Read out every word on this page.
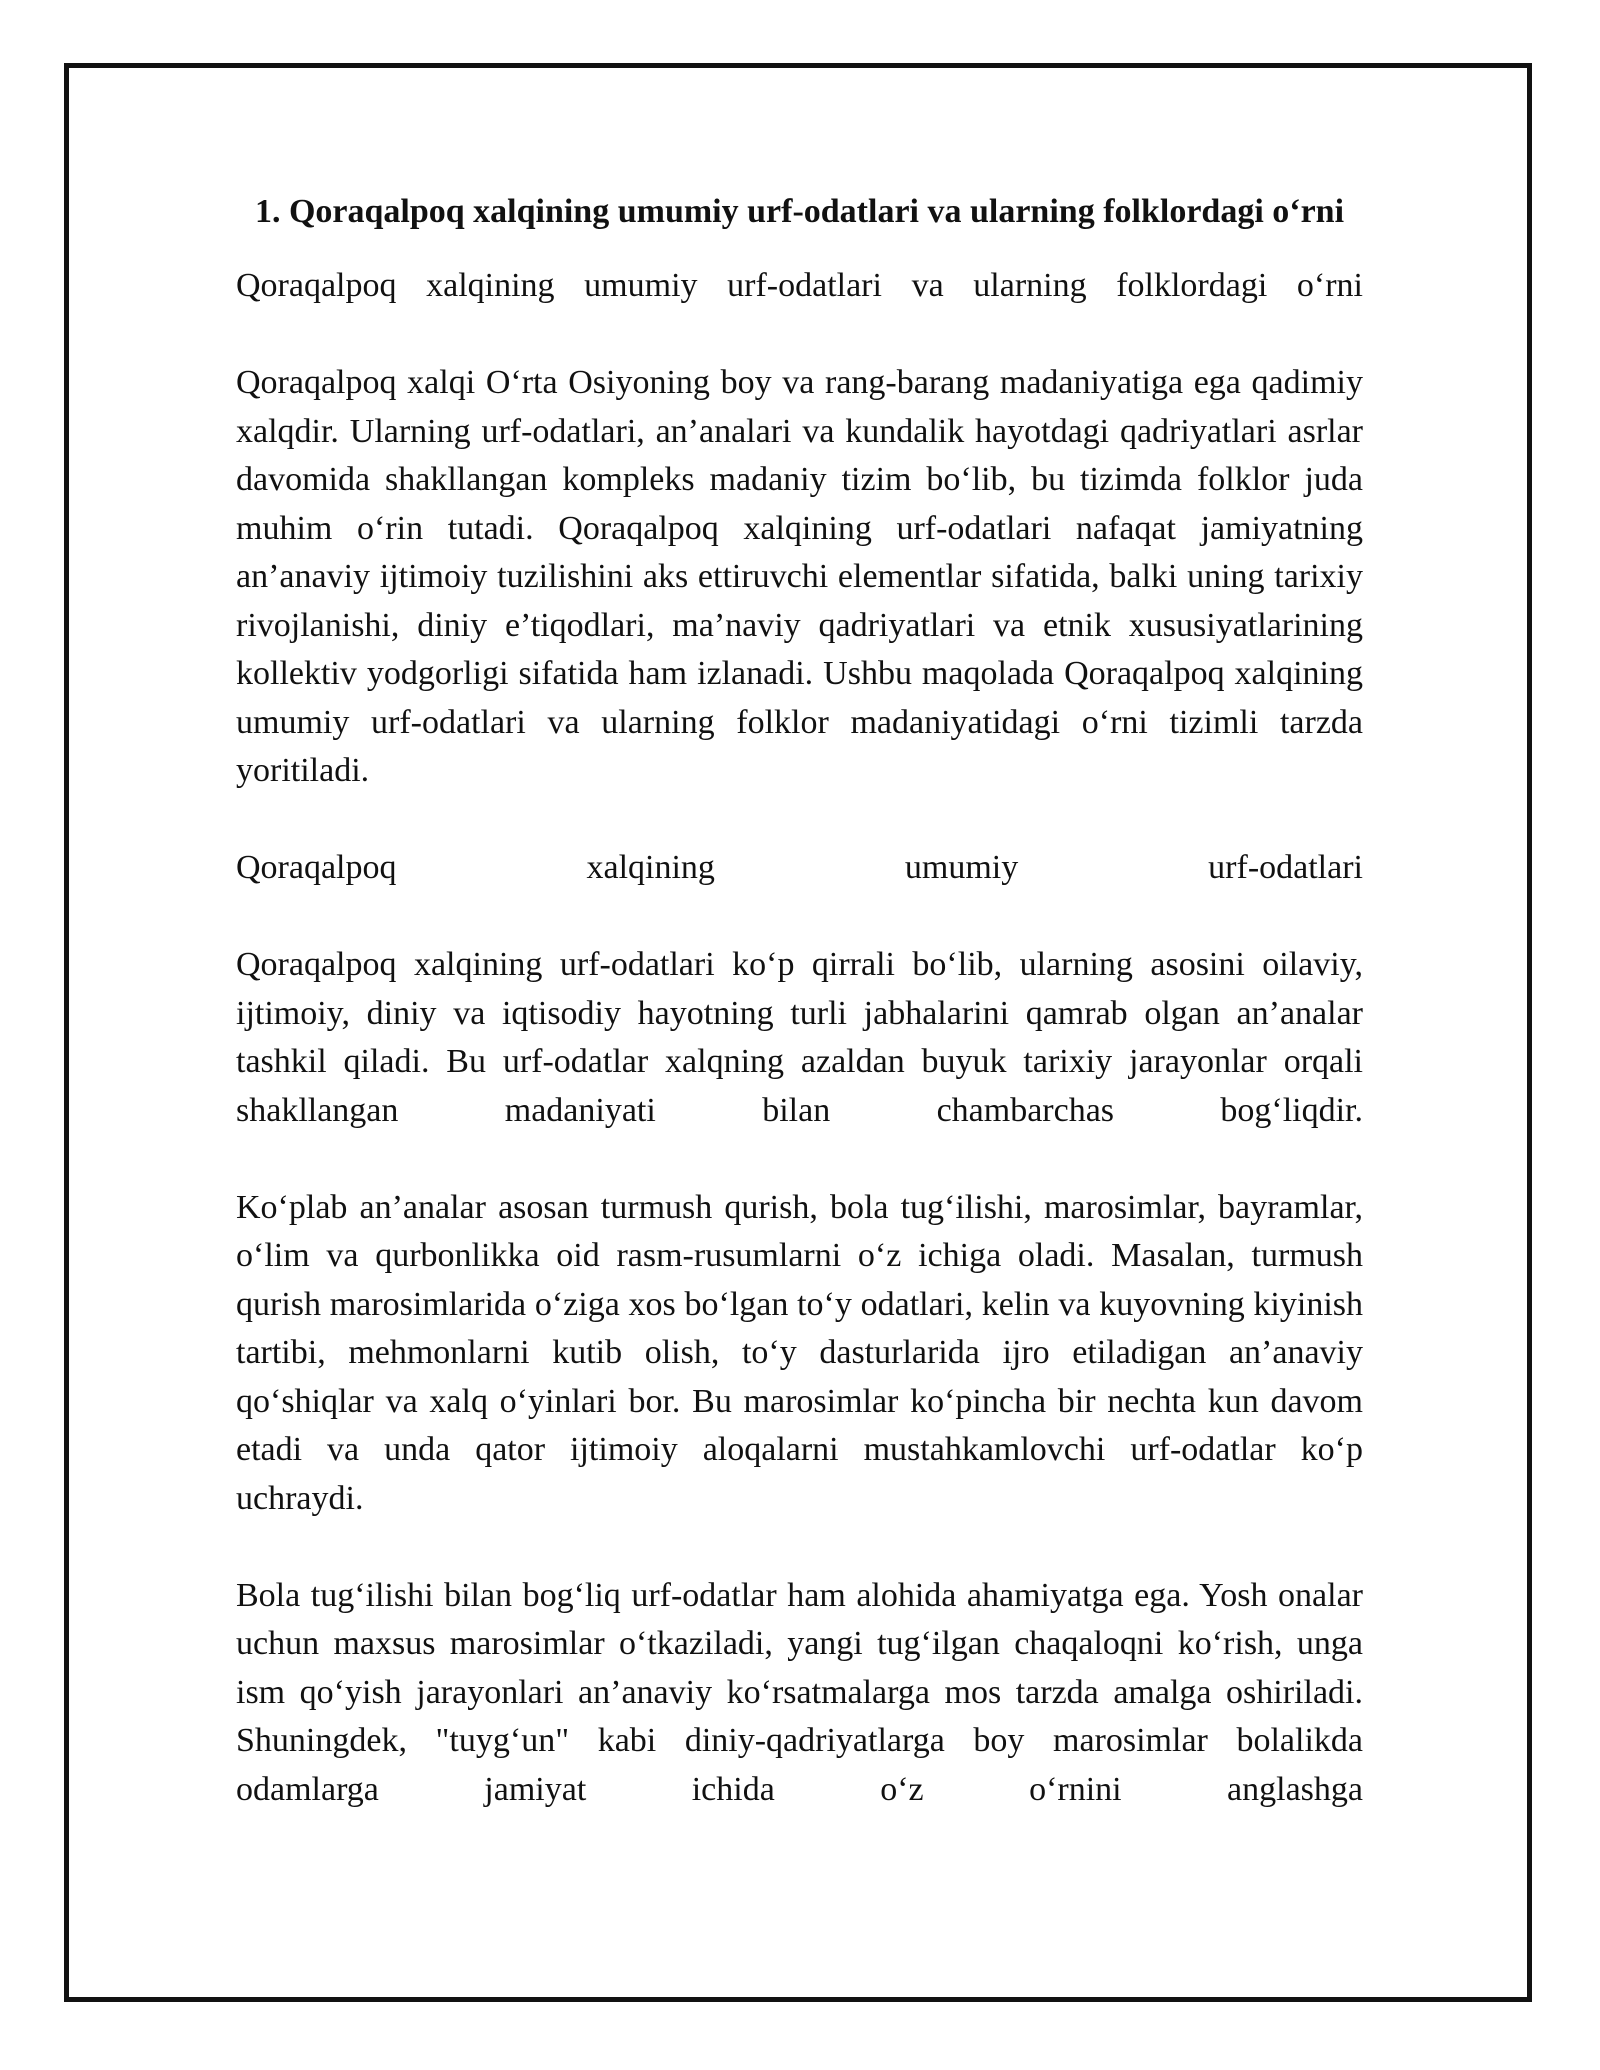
1. Qoraqalpoq xalqining umumiy urf-odatlari va ularning folklordagi o‘rni

Qoraqalpoq xalqining umumiy urf-odatlari va ularning folklordagi o‘rni

Qoraqalpoq xalqi O‘rta Osiyoning boy va rang-barang madaniyatiga ega qadimiy xalqdir. Ularning urf-odatlari, an’analari va kundalik hayotdagi qadriyatlari asrlar davomida shakllangan kompleks madaniy tizim bo‘lib, bu tizimda folklor juda muhim o‘rin tutadi. Qoraqalpoq xalqining urf-odatlari nafaqat jamiyatning an’anaviy ijtimoiy tuzilishini aks ettiruvchi elementlar sifatida, balki uning tarixiy rivojlanishi, diniy e’tiqodlari, ma’naviy qadriyatlari va etnik xususiyatlarining kollektiv yodgorligi sifatida ham izlanadi. Ushbu maqolada Qoraqalpoq xalqining umumiy urf-odatlari va ularning folklor madaniyatidagi o‘rni tizimli tarzda yoritiladi.

Qoraqalpoq xalqining umumiy urf-odatlari

Qoraqalpoq xalqining urf-odatlari ko‘p qirrali bo‘lib, ularning asosini oilaviy, ijtimoiy, diniy va iqtisodiy hayotning turli jabhalarini qamrab olgan an’analar tashkil qiladi. Bu urf-odatlar xalqning azaldan buyuk tarixiy jarayonlar orqali shakllangan madaniyati bilan chambarchas bog‘liqdir.

Ko‘plab an’analar asosan turmush qurish, bola tug‘ilishi, marosimlar, bayramlar, o‘lim va qurbonlikka oid rasm-rusumlarni o‘z ichiga oladi. Masalan, turmush qurish marosimlarida o‘ziga xos bo‘lgan to‘y odatlari, kelin va kuyovning kiyinish tartibi, mehmonlarni kutib olish, to‘y dasturlarida ijro etiladigan an’anaviy qo‘shiqlar va xalq o‘yinlari bor. Bu marosimlar ko‘pincha bir nechta kun davom etadi va unda qator ijtimoiy aloqalarni mustahkamlovchi urf-odatlar ko‘p uchraydi.

Bola tug‘ilishi bilan bog‘liq urf-odatlar ham alohida ahamiyatga ega. Yosh onalar uchun maxsus marosimlar o‘tkaziladi, yangi tug‘ilgan chaqaloqni ko‘rish, unga ism qo‘yish jarayonlari an’anaviy ko‘rsatmalarga mos tarzda amalga oshiriladi. Shuningdek, "tuyg‘un" kabi diniy-qadriyatlarga boy marosimlar bolalikda odamlarga jamiyat ichida o‘z o‘rnini anglashga
